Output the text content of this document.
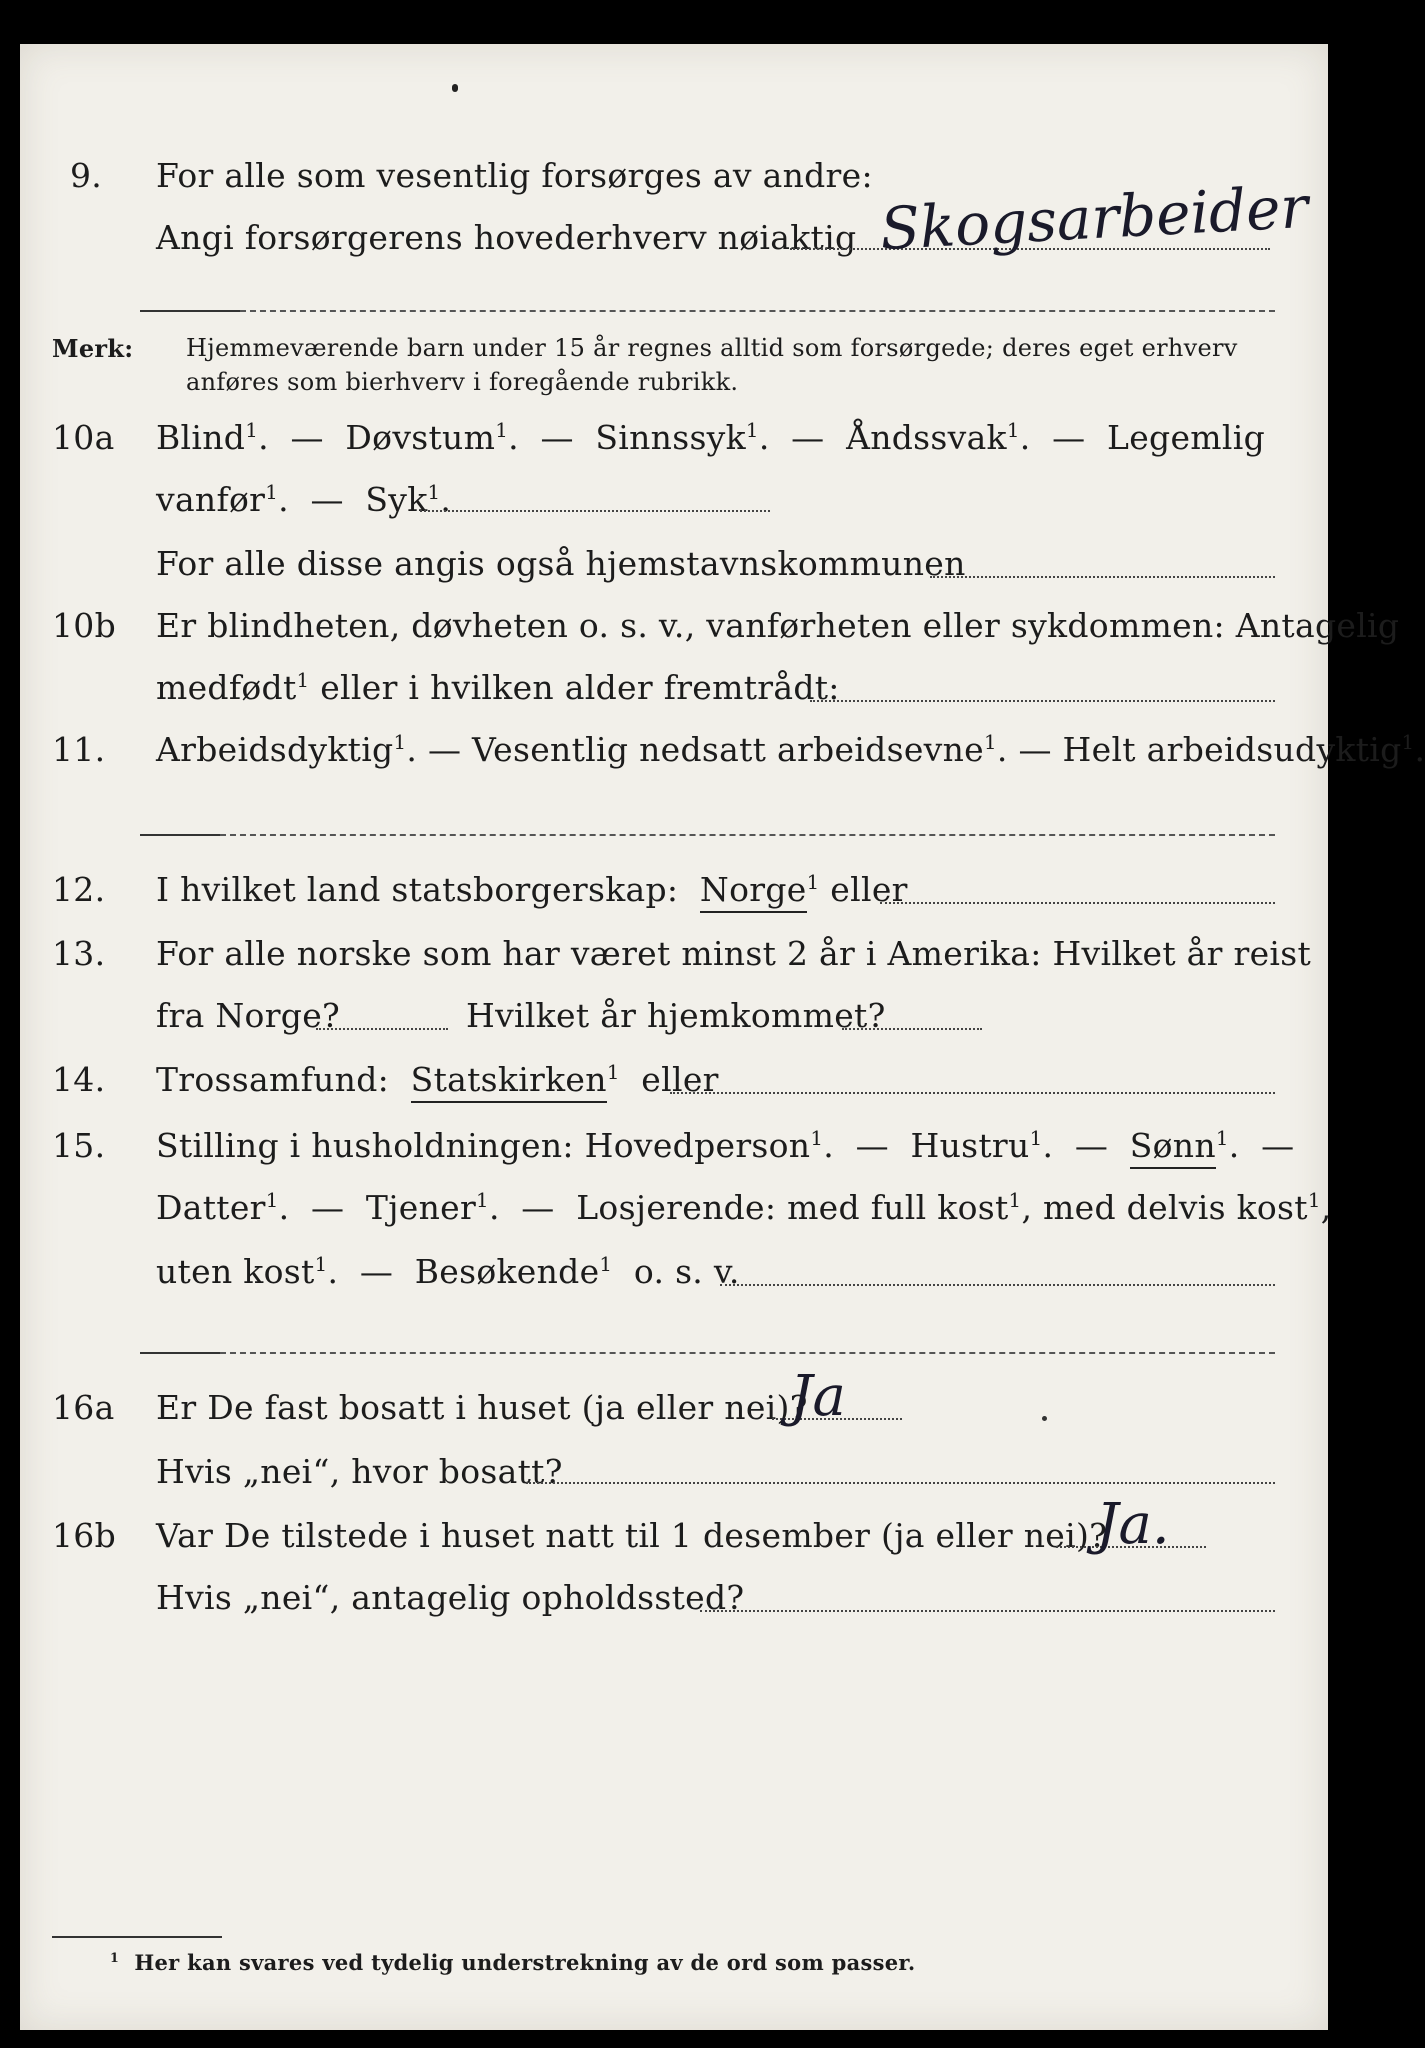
9. For alle som vesentlig forsørges av andre:
Angi forsørgerens hovederhverv nøiaktig Skogsarbeider
Merk: Hjemmeværende barn under 15 år regnes alltid som forsørgede; deres eget erhverv
anføres som bierhverv i foregående rubrikk.
10a Blind$^1$.  —  Døvstum$^1$.  —  Sinnssyk$^1$.  —  Åndssvak$^1$.  —  Legemlig
vanfør$^1$.  —  Syk$^1$.
For alle disse angis også hjemstavnskommunen
10b Er blindheten, døvheten o. s. v., vanførheten eller sykdommen: Antagelig
medfødt$^1$ eller i hvilken alder fremtrådt:
11. Arbeidsdyktig$^1$. — Vesentlig nedsatt arbeidsevne$^1$. — Helt arbeidsudyktig$^1$.
12. I hvilket land statsborgerskap: Norge$^1$ eller
13. For alle norske som har været minst 2 år i Amerika: Hvilket år reist
fra Norge?	Hvilket år hjemkommet?
14. Trossamfund: Statskirken$^1$ eller
15. Stilling i husholdningen: Hovedperson$^1$.  —  Hustru$^1$.  —  Sønn$^1$.  —
Datter$^1$.  —  Tjener$^1$.  —  Losjerende: med full kost$^1$, med delvis kost$^1$,
uten kost$^1$.  —  Besøkende$^1$ o. s. v.
16a Er De fast bosatt i huset (ja eller nei)?
Ja
Hvis „nei“, hvor bosatt?
16b Var De tilstede i huset natt til 1 desember (ja eller nei)?
Ja.
Hvis „nei“, antagelig opholdssted?
$^1$ Her kan svares ved tydelig understrekning av de ord som passer.
